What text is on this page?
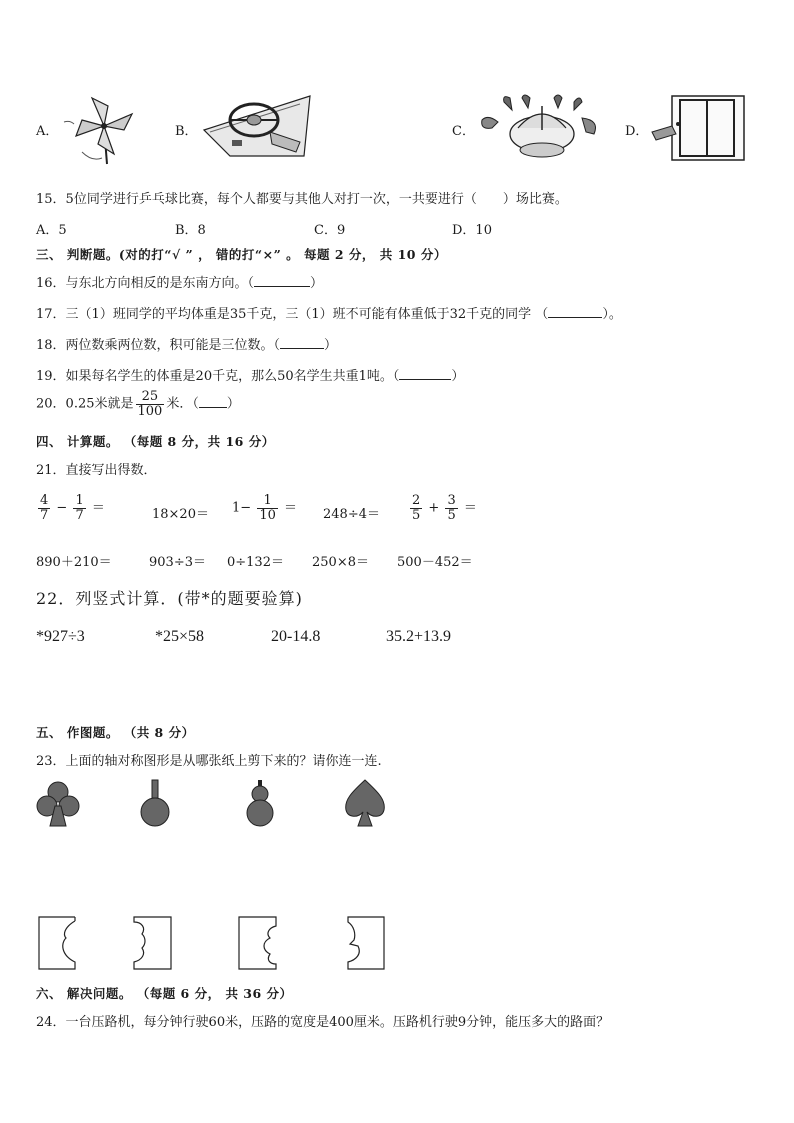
A．	B．	C．	D．
15．5位同学进行乒乓球比赛，每个人都要与其他人对打一次，一共要进行（　　）场比赛。
A．5	B．8	C．9	D．10
三、 判断题。(对的打“√ ” ， 错的打“×” 。 每题 2 分， 共 10 分）
16．与东北方向相反的是东南方向。（	）
17．三（1）班同学的平均体重是35千克，三（1）班不可能有体重低于32千克的同学 （	）。
18．两位数乘两位数，积可能是三位数。（	）
19．如果每名学生的体重是20千克，那么50名学生共重1吨。（	）
20．0.25米就是 $\frac{25}{100}$ 米．（ ）
四、 计算题。 （每题 8 分，共 16 分）
21．直接写出得数．
$\frac{4}{7} - \frac{1}{7}$ ＝	$18\times 20= 1- \frac{1}{10} = 248\div 4= \frac{2}{5} + \frac{3}{5}$ ＝
890＋210＝	903÷3＝ 0÷132＝ 250×8＝ 500－452＝
22．列竖式计算．(带*的题要验算)
*927÷3	*25×58	20-14.8	35.2+13.9
五、 作图题。 （共 8 分）
23．上面的轴对称图形是从哪张纸上剪下来的？请你连一连.
六、 解决问题。 （每题 6 分， 共 36 分）
24．一台压路机，每分钟行驶60米，压路的宽度是400厘米。压路机行驶9分钟，能压多大的路面？
